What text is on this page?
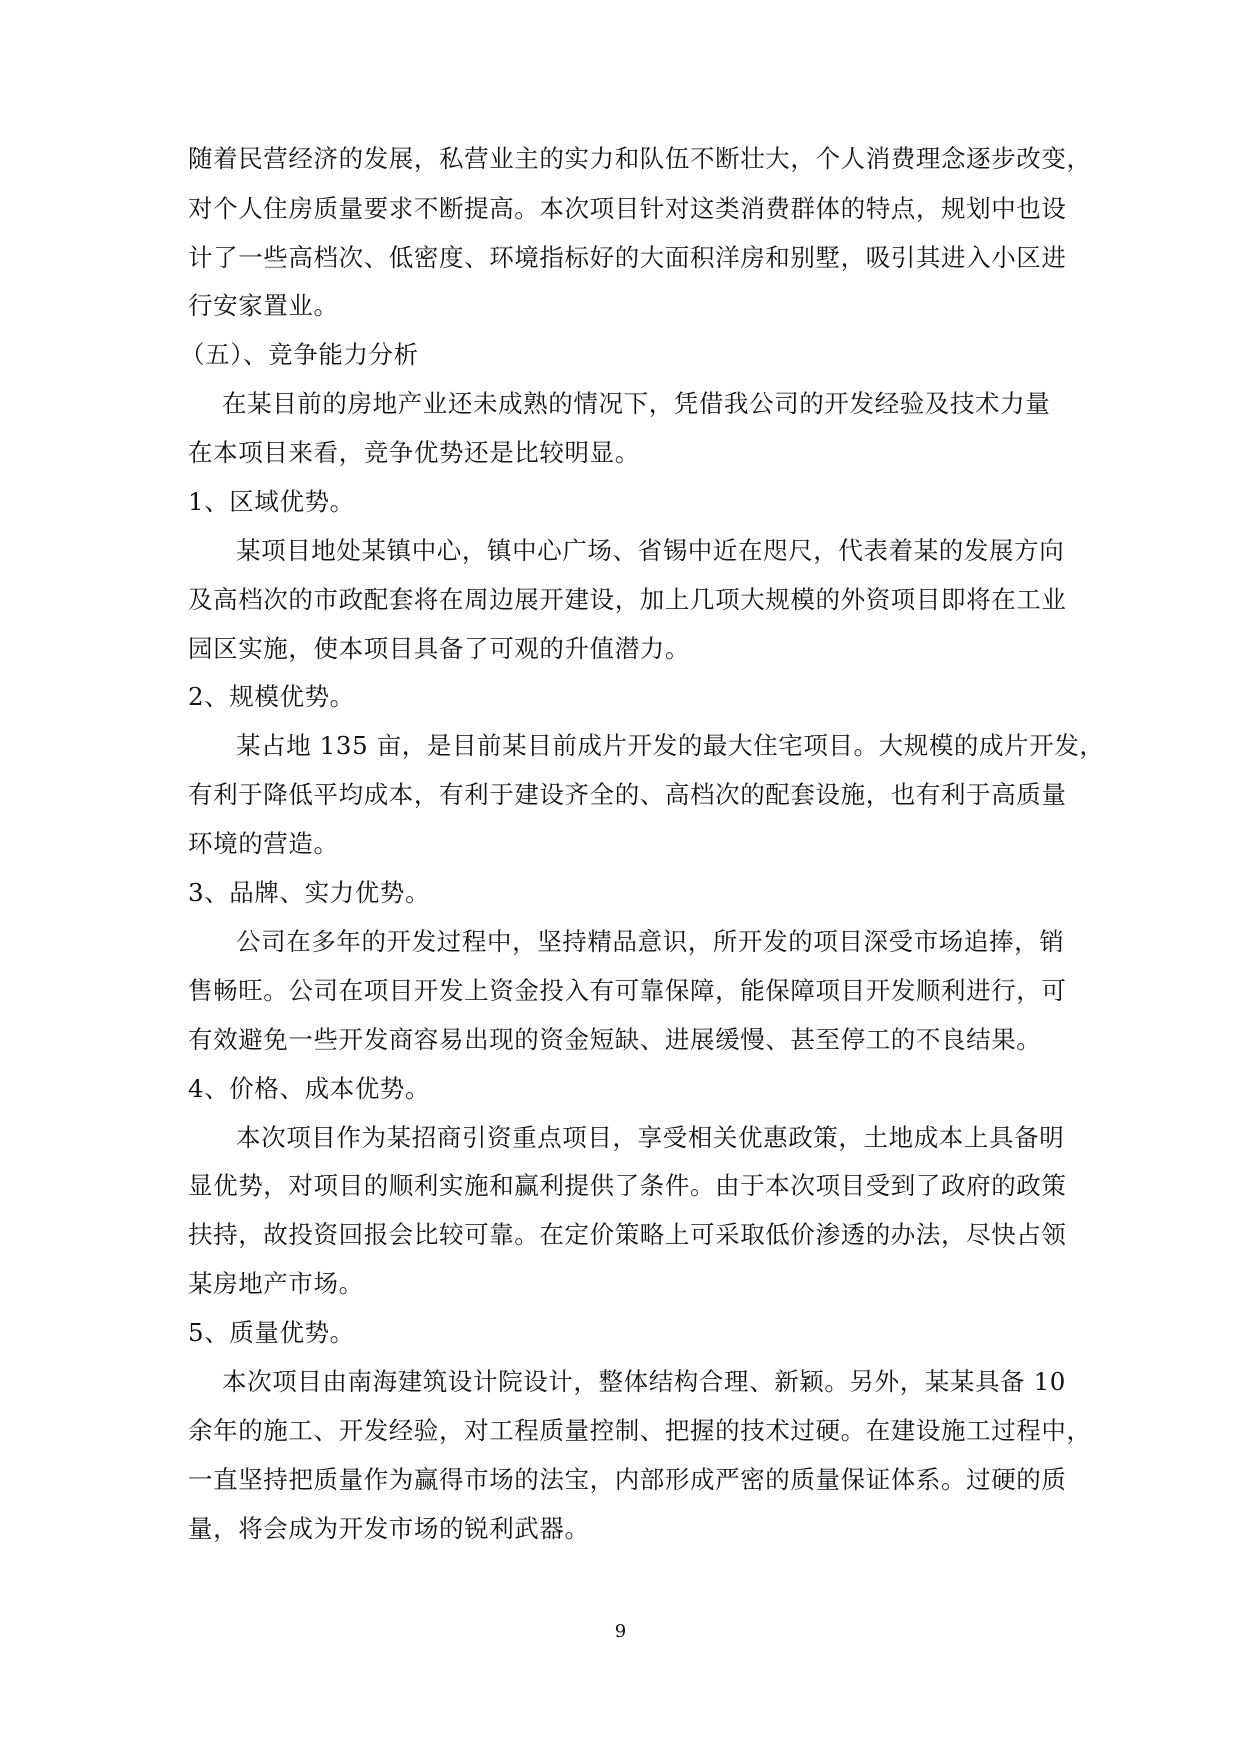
随着民营经济的发展，私营业主的实力和队伍不断壮大，个人消费理念逐步改变，
对个人住房质量要求不断提高。本次项目针对这类消费群体的特点，规划中也设
计了一些高档次、低密度、环境指标好的大面积洋房和别墅，吸引其进入小区进
行安家置业。
（五）、竞争能力分析
在某目前的房地产业还未成熟的情况下，凭借我公司的开发经验及技术力量
在本项目来看，竞争优势还是比较明显。
1、区域优势。
某项目地处某镇中心，镇中心广场、省锡中近在咫尺，代表着某的发展方向
及高档次的市政配套将在周边展开建设，加上几项大规模的外资项目即将在工业
园区实施，使本项目具备了可观的升值潜力。
2、规模优势。
某占地 135 亩，是目前某目前成片开发的最大住宅项目。大规模的成片开发，
有利于降低平均成本，有利于建设齐全的、高档次的配套设施，也有利于高质量
环境的营造。
3、品牌、实力优势。
公司在多年的开发过程中，坚持精品意识，所开发的项目深受市场追捧，销
售畅旺。公司在项目开发上资金投入有可靠保障，能保障项目开发顺利进行，可
有效避免一些开发商容易出现的资金短缺、进展缓慢、甚至停工的不良结果。
4、价格、成本优势。
本次项目作为某招商引资重点项目，享受相关优惠政策，土地成本上具备明
显优势，对项目的顺利实施和赢利提供了条件。由于本次项目受到了政府的政策
扶持，故投资回报会比较可靠。在定价策略上可采取低价渗透的办法，尽快占领
某房地产市场。
5、质量优势。
本次项目由南海建筑设计院设计，整体结构合理、新颖。另外，某某具备 10
余年的施工、开发经验，对工程质量控制、把握的技术过硬。在建设施工过程中，
一直坚持把质量作为赢得市场的法宝，内部形成严密的质量保证体系。过硬的质
量，将会成为开发市场的锐利武器。
9
